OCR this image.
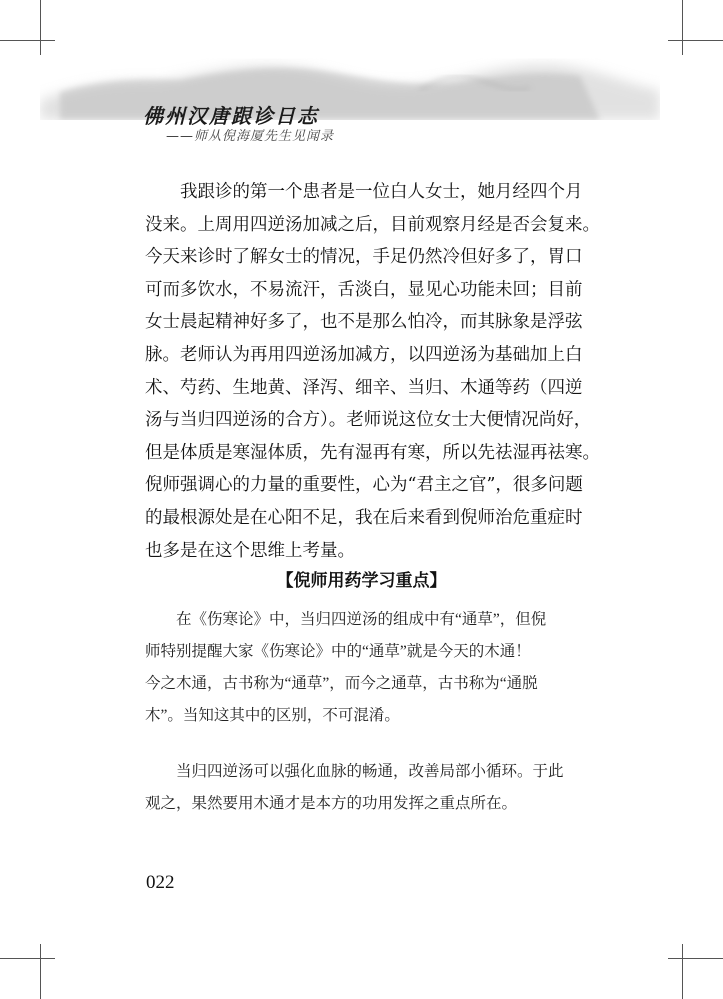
佛州汉唐跟诊日志
——师从倪海厦先生见闻录
　　我跟诊的第一个患者是一位白人女士，她月经四个月
没来。上周用四逆汤加减之后，目前观察月经是否会复来。
今天来诊时了解女士的情况，手足仍然冷但好多了，胃口
可而多饮水，不易流汗，舌淡白，显见心功能未回；目前
女士晨起精神好多了，也不是那么怕冷，而其脉象是浮弦
脉。老师认为再用四逆汤加减方，以四逆汤为基础加上白
术、芍药、生地黄、泽泻、细辛、当归、木通等药（四逆
汤与当归四逆汤的合方）。老师说这位女士大便情况尚好，
但是体质是寒湿体质，先有湿再有寒，所以先祛湿再祛寒。
倪师强调心的力量的重要性，心为“君主之官”，很多问题
的最根源处是在心阳不足，我在后来看到倪师治危重症时
也多是在这个思维上考量。
【倪师用药学习重点】
　　在《伤寒论》中，当归四逆汤的组成中有“通草”，但倪
师特别提醒大家《伤寒论》中的“通草”就是今天的木通！
今之木通，古书称为“通草”，而今之通草，古书称为“通脱
木”。当知这其中的区别，不可混淆。
　　当归四逆汤可以强化血脉的畅通，改善局部小循环。于此
观之，果然要用木通才是本方的功用发挥之重点所在。
022
